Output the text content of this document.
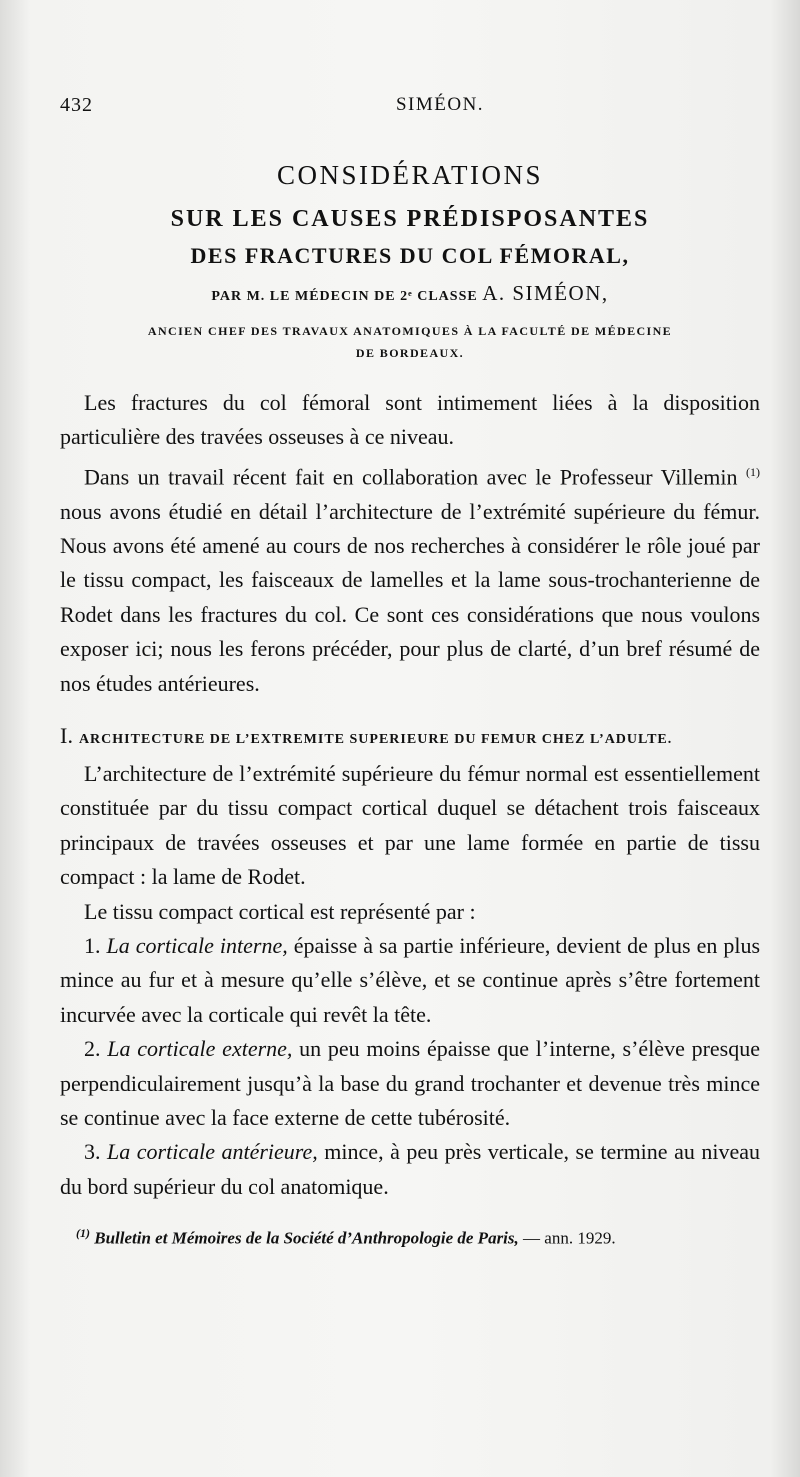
432	SIMÉON.
CONSIDÉRATIONS
SUR LES CAUSES PRÉDISPOSANTES
DES FRACTURES DU COL FÉMORAL,
PAR M. LE MÉDECIN DE 2ᵉ CLASSE A. SIMÉON,
ANCIEN CHEF DES TRAVAUX ANATOMIQUES À LA FACULTÉ DE MÉDECINE
DE BORDEAUX.

Les fractures du col fémoral sont intimement liées à la disposition particulière des travées osseuses à ce niveau.

Dans un travail récent fait en collaboration avec le Professeur Villemin $^{(1)}$ nous avons étudié en détail l’architecture de l’extrémité supérieure du fémur. Nous avons été amené au cours de nos recherches à considérer le rôle joué par le tissu compact, les faisceaux de lamelles et la lame sous-trochanterienne de Rodet dans les fractures du col. Ce sont ces considérations que nous voulons exposer ici; nous les ferons précéder, pour plus de clarté, d’un bref résumé de nos études antérieures.

I. ARCHITECTURE DE L’EXTREMITE SUPERIEURE DU FEMUR CHEZ L’ADULTE.

L’architecture de l’extrémité supérieure du fémur normal est essentiellement constituée par du tissu compact cortical duquel se détachent trois faisceaux principaux de travées osseuses et par une lame formée en partie de tissu compact : la lame de Rodet.

Le tissu compact cortical est représenté par :

1. La corticale interne, épaisse à sa partie inférieure, devient de plus en plus mince au fur et à mesure qu’elle s’élève, et se continue après s’être fortement incurvée avec la corticale qui revêt la tête.

2. La corticale externe, un peu moins épaisse que l’interne, s’élève presque perpendiculairement jusqu’à la base du grand trochanter et devenue très mince se continue avec la face externe de cette tubérosité.

3. La corticale antérieure, mince, à peu près verticale, se termine au niveau du bord supérieur du col anatomique.

$^{(1)}$ Bulletin et Mémoires de la Société d’Anthropologie de Paris, — ann. 1929.
